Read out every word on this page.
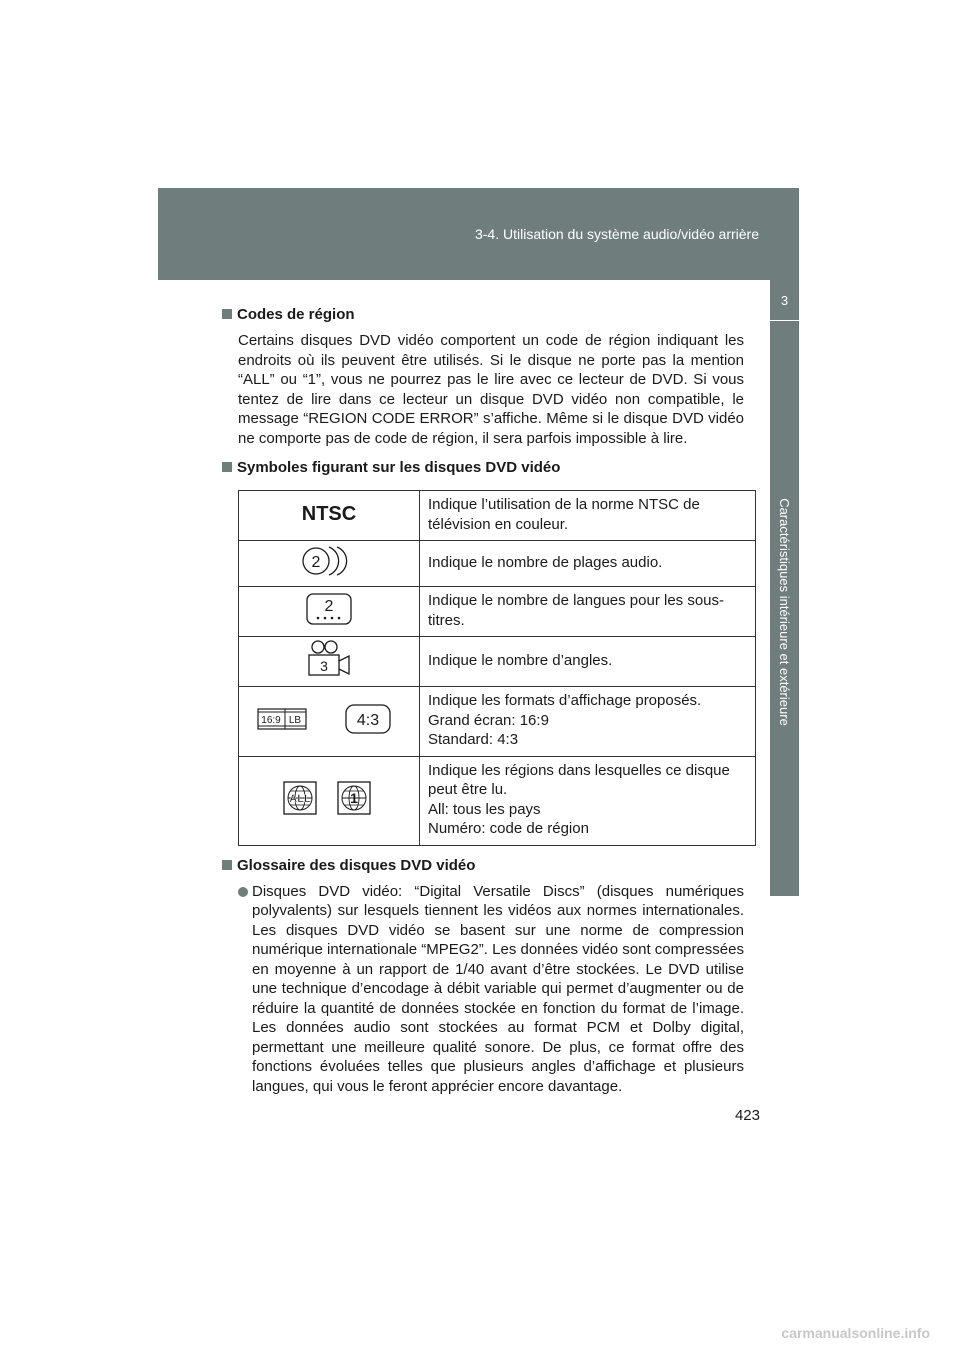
3-4. Utilisation du système audio/vidéo arrière
3
Caractéristiques intérieure et extérieure
Codes de région

Certains disques DVD vidéo comportent un code de région indiquant les endroits où ils peuvent être utilisés. Si le disque ne porte pas la mention “ALL” ou “1”, vous ne pourrez pas le lire avec ce lecteur de DVD. Si vous tentez de lire dans ce lecteur un disque DVD vidéo non compatible, le message “REGION CODE ERROR” s’affiche. Même si le disque DVD vidéo ne comporte pas de code de région, il sera parfois impossible à lire.

Symboles figurant sur les disques DVD vidéo
NTSC	Indique l’utilisation de la norme NTSC de
télévision en couleur.

2	Indique le nombre de plages audio.

2	Indique le nombre de langues pour les sous-
titres.

3	Indique le nombre d’angles.

16:9 LB 4:3	Indique les formats d’affichage proposés.
Grand écran: 16:9
Standard: 4:3

ALL 1	Indique les régions dans lesquelles ce disque
peut être lu.
All: tous les pays
Numéro: code de région
Glossaire des disques DVD vidéo
Disques DVD vidéo: “Digital Versatile Discs” (disques numériques polyvalents) sur lesquels tiennent les vidéos aux normes internationales. Les disques DVD vidéo se basent sur une norme de compression numérique internationale “MPEG2”. Les données vidéo sont compressées en moyenne à un rapport de 1/40 avant d’être stockées. Le DVD utilise une technique d’encodage à débit variable qui permet d’augmenter ou de réduire la quantité de données stockée en fonction du format de l’image. Les données audio sont stockées au format PCM et Dolby digital, permettant une meilleure qualité sonore. De plus, ce format offre des fonctions évoluées telles que plusieurs angles d’affichage et plusieurs langues, qui vous le feront apprécier encore davantage.
423
carmanualsonline.info
